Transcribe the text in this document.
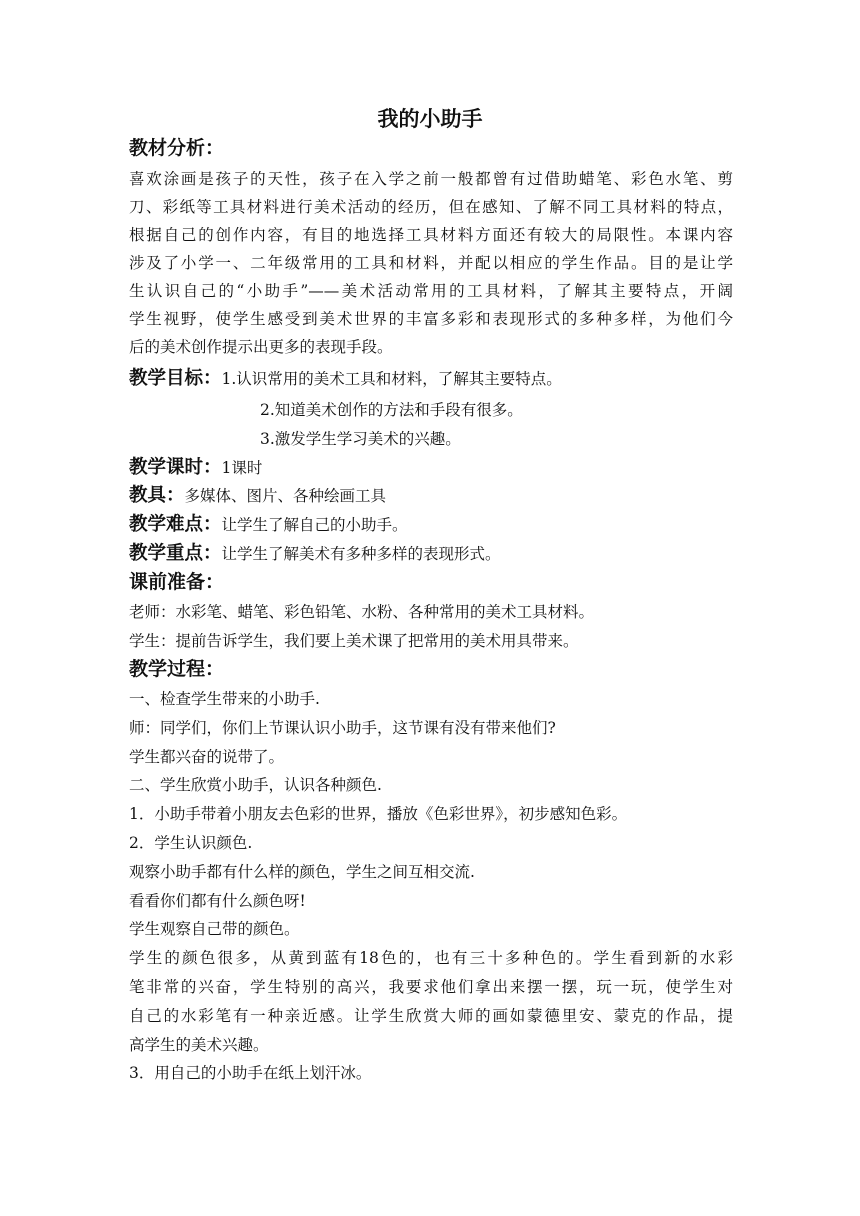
我的小助手
教材分析：
喜欢涂画是孩子的天性，孩子在入学之前一般都曾有过借助蜡笔、彩色水笔、剪
刀、彩纸等工具材料进行美术活动的经历，但在感知、了解不同工具材料的特点，
根据自己的创作内容，有目的地选择工具材料方面还有较大的局限性。本课内容
涉及了小学一、二年级常用的工具和材料，并配以相应的学生作品。目的是让学
生认识自己的“小助手”——美术活动常用的工具材料，了解其主要特点，开阔
学生视野，使学生感受到美术世界的丰富多彩和表现形式的多种多样，为他们今
后的美术创作提示出更多的表现手段。
教学目标：1.认识常用的美术工具和材料，了解其主要特点。
2.知道美术创作的方法和手段有很多。
3.激发学生学习美术的兴趣。
教学课时：1课时
教具：多媒体、图片、各种绘画工具
教学难点：让学生了解自己的小助手。
教学重点：让学生了解美术有多种多样的表现形式。
课前准备：
老师：水彩笔、蜡笔、彩色铅笔、水粉、各种常用的美术工具材料。
学生：提前告诉学生，我们要上美术课了把常用的美术用具带来。
教学过程：
一、检查学生带来的小助手.
师：同学们，你们上节课认识小助手，这节课有没有带来他们?
学生都兴奋的说带了。
二、学生欣赏小助手，认识各种颜色.
1．小助手带着小朋友去色彩的世界，播放《色彩世界》，初步感知色彩。
2．学生认识颜色.
观察小助手都有什么样的颜色，学生之间互相交流.
看看你们都有什么颜色呀!
学生观察自己带的颜色。
学生的颜色很多，从黄到蓝有18色的，也有三十多种色的。学生看到新的水彩
笔非常的兴奋，学生特别的高兴，我要求他们拿出来摆一摆，玩一玩，使学生对
自己的水彩笔有一种亲近感。让学生欣赏大师的画如蒙德里安、蒙克的作品，提
高学生的美术兴趣。
3．用自己的小助手在纸上划汗冰。
